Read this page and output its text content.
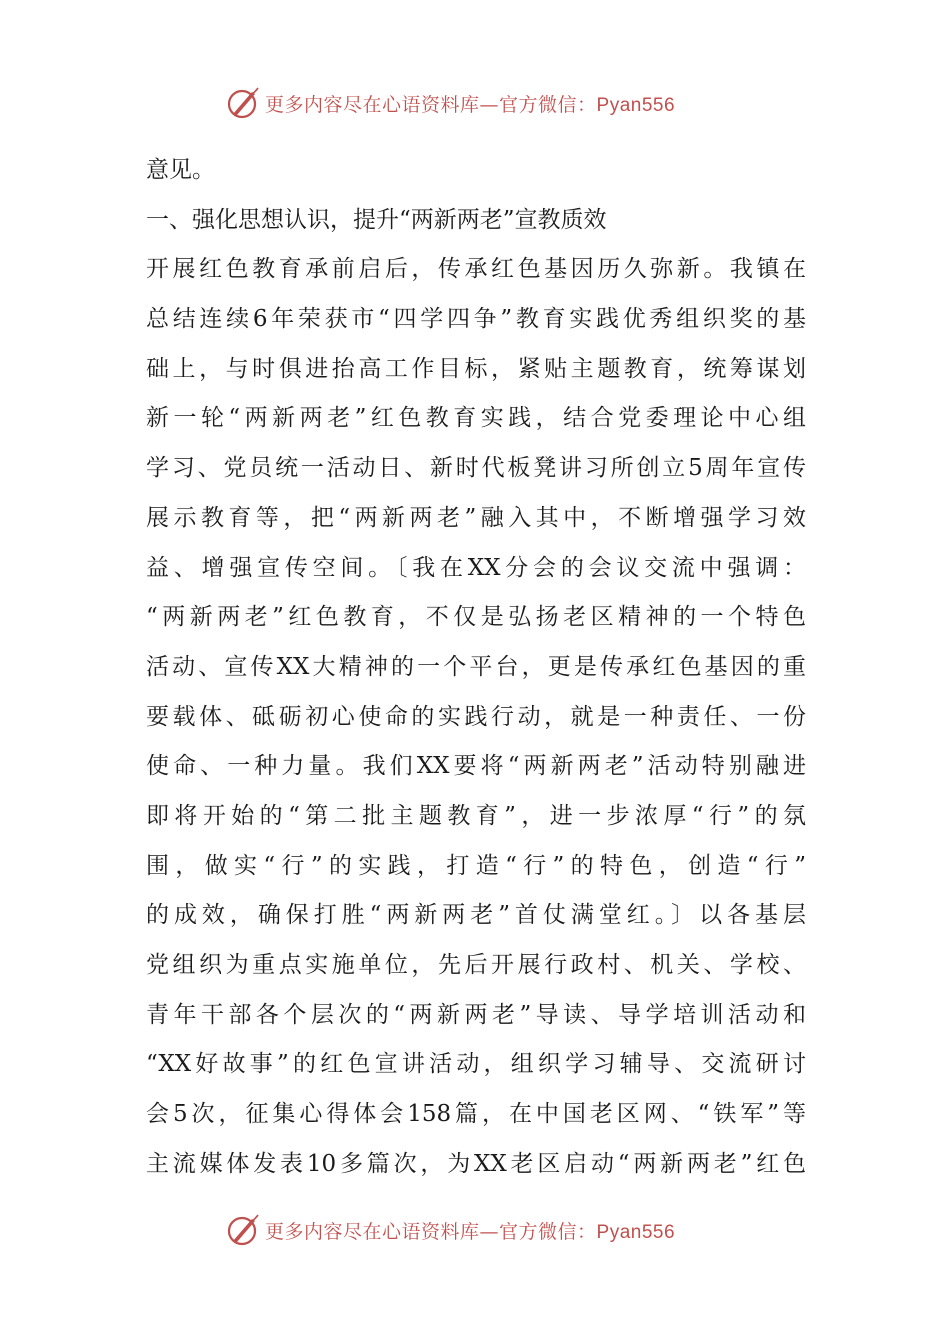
更多内容尽在心语资料库—官方微信：Pyan556
意见。
一、强化思想认识，提升“两新两老”宣教质效
开展红色教育承前启后，传承红色基因历久弥新。我镇在
总结连续6年荣获市“四学四争”教育实践优秀组织奖的基
础上，与时俱进抬高工作目标，紧贴主题教育，统筹谋划
新一轮“两新两老”红色教育实践，结合党委理论中心组
学习、党员统一活动日、新时代板凳讲习所创立5周年宣传
展示教育等，把“两新两老”融入其中，不断增强学习效
益、增强宣传空间。〔我在XX分会的会议交流中强调：
“两新两老”红色教育，不仅是弘扬老区精神的一个特色
活动、宣传XX大精神的一个平台，更是传承红色基因的重
要载体、砥砺初心使命的实践行动，就是一种责任、一份
使命、一种力量。我们XX要将“两新两老”活动特别融进
即将开始的“第二批主题教育”，进一步浓厚“行”的氛
围，做实“行”的实践，打造“行”的特色，创造“行”
的成效，确保打胜“两新两老”首仗满堂红。〕以各基层
党组织为重点实施单位，先后开展行政村、机关、学校、
青年干部各个层次的“两新两老”导读、导学培训活动和
“XX好故事”的红色宣讲活动，组织学习辅导、交流研讨
会5次，征集心得体会158篇，在中国老区网、“铁军”等
主流媒体发表10多篇次，为XX老区启动“两新两老”红色
更多内容尽在心语资料库—官方微信：Pyan556
